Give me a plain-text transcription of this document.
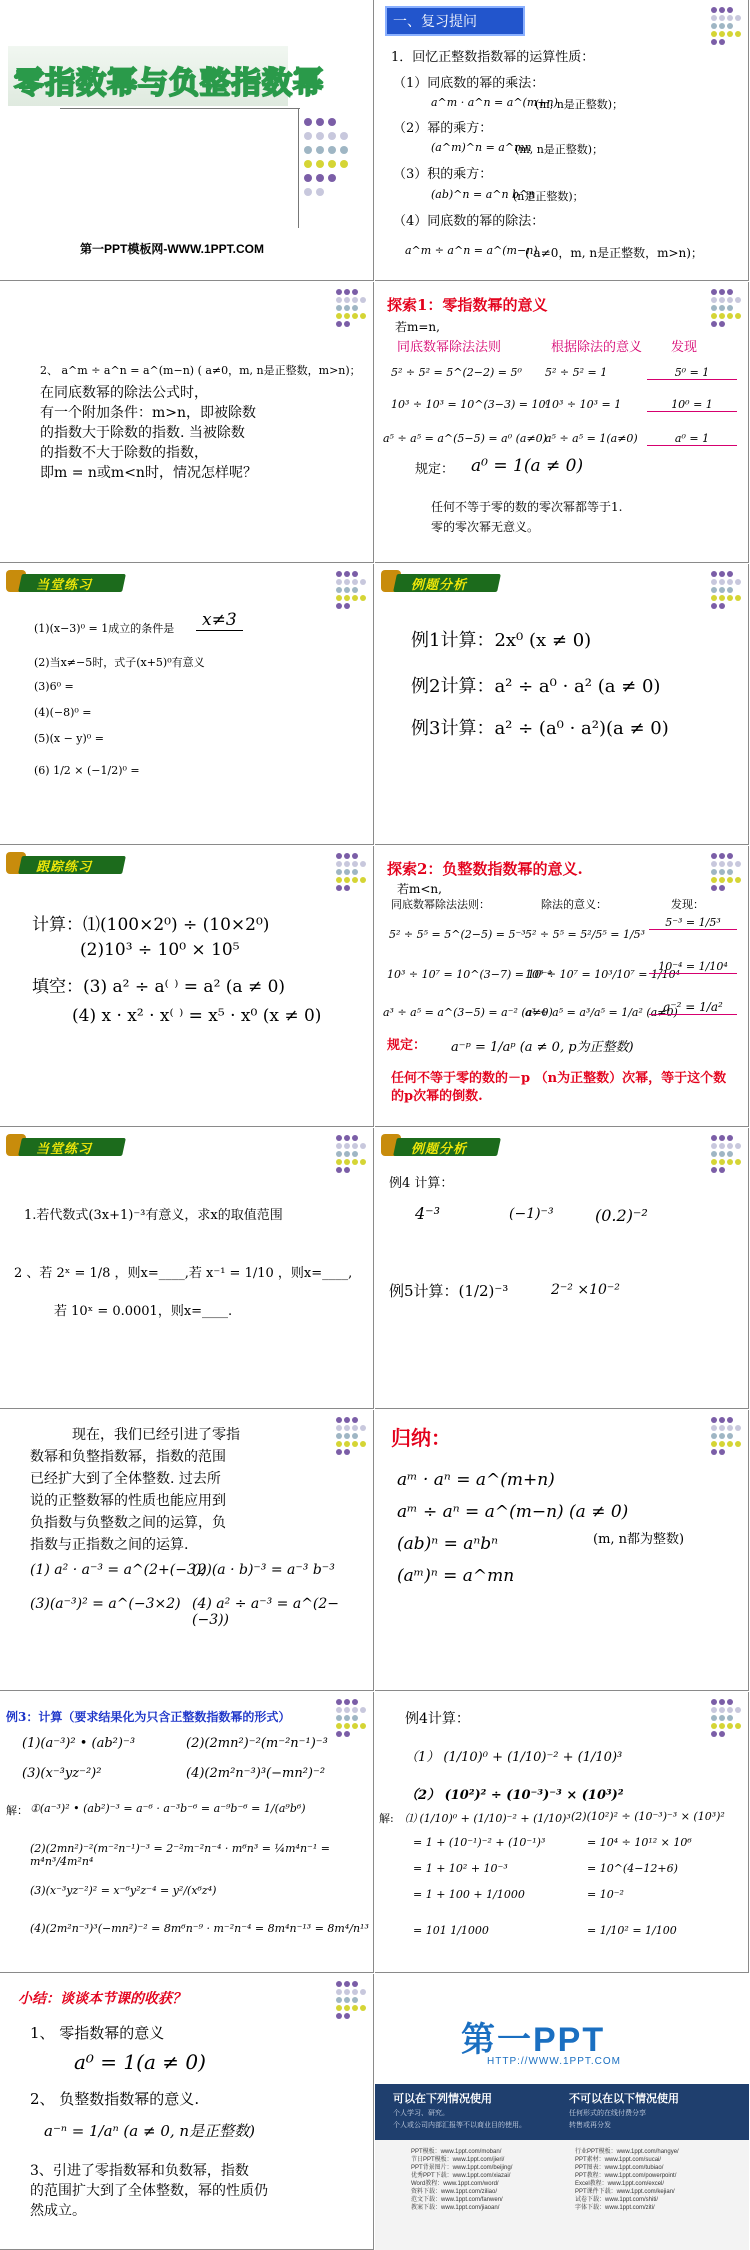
零指数幂与负整指数幂
第一PPT模板网-WWW.1PPT.COM
一、复习提问
1．回忆正整数指数幂的运算性质：
（1）同底数的幂的乘法：
a^m · a^n = a^(m+n)
(m, n是正整数)；
（2）幂的乘方：
(a^m)^n = a^mn
(m, n是正整数)；
（3）积的乘方：
(ab)^n = a^n b^n
(n是正整数)；
（4）同底数的幂的除法：
a^m ÷ a^n = a^(m−n)
( a≠0，m, n是正整数，m>n)；
2、 a^m ÷ a^n = a^(m−n) ( a≠0，m, n是正整数，m>n)；
在同底数幂的除法公式时，
有一个附加条件：m>n，即被除数
的指数大于除数的指数. 当被除数
的指数不大于除数的指数，
即m = n或m<n时，情况怎样呢？
探索1：零指数幂的意义
若m=n,
同底数幂除法法则	根据除法的意义 发现
5² ÷ 5² = 5^(2−2) = 5⁰ 5² ÷ 5² = 1	5⁰ = 1
10³ ÷ 10³ = 10^(3−3) = 10⁰
10³ ÷ 10³ = 1	10⁰ = 1
a⁵ ÷ a⁵ = a^(5−5) = a⁰ (a≠0)
a⁵ ÷ a⁵ = 1(a≠0)	a⁰ = 1
规定： a⁰ = 1(a ≠ 0)
任何不等于零的数的零次幂都等于1.
零的零次幂无意义。
当堂练习
(1)(x−3)⁰ = 1成立的条件是	x≠3
(2)当x≠−5时，式子(x+5)⁰有意义
(3)6⁰ =
(4)(−8)⁰ =
(5)(x − y)⁰ =
(6) 1/2 × (−1/2)⁰ =
例题分析
例1计算：2x⁰ (x ≠ 0)
例2计算：a² ÷ a⁰ · a² (a ≠ 0)
例3计算：a² ÷ (a⁰ · a²)(a ≠ 0)
跟踪练习
计算：⑴(100×2⁰) ÷ (10×2⁰)
(2)10³ ÷ 10⁰ × 10⁵
填空：(3) a² ÷ a⁽ ⁾ = a² (a ≠ 0)
(4) x · x² · x⁽ ⁾ = x⁵ · x⁰ (x ≠ 0)
探索2：负整数指数幂的意义.
若m<n,
同底数幂除法法则：	除法的意义：	发现：
5² ÷ 5⁵ = 5^(2−5) = 5⁻³ 5² ÷ 5⁵ = 5²/5⁵ = 1/5³
5⁻³ = 1/5³
10³ ÷ 10⁷ = 10^(3−7) = 10⁻⁴
10³ ÷ 10⁷ = 10³/10⁷ = 1/10⁴
10⁻⁴ = 1/10⁴
a³ ÷ a⁵ = a^(3−5) = a⁻² (a≠0)
a³ ÷ a⁵ = a³/a⁵ = 1/a² (a≠0)
a⁻² = 1/a²
规定： a⁻ᵖ = 1/aᵖ (a ≠ 0, p为正整数)
任何不等于零的数的－p （n为正整数）次幂，等于这个数的p次幂的倒数.
当堂练习
1.若代数式(3x+1)⁻³有意义，求x的取值范围
2 、若 2ˣ = 1/8 ，则x=____,若 x⁻¹ = 1/10 ，则x=____,
若 10ˣ = 0.0001，则x=____.
例题分析
例4 计算：
4⁻³	(−1)⁻³	(0.2)⁻²
例5计算：(1/2)⁻³	2⁻² ×10⁻²
现在，我们已经引进了零指
数幂和负整指数幂，指数的范围
已经扩大到了全体整数. 过去所
说的正整数幂的性质也能应用到
负指数与负整数之间的运算，负
指数与正指数之间的运算.
(1) a² · a⁻³ = a^(2+(−3))
(2)(a · b)⁻³ = a⁻³ b⁻³
(3)(a⁻³)² = a^(−3×2) (4) a² ÷ a⁻³ = a^(2−(−3))
归纳：
aᵐ · aⁿ = a^(m+n)
aᵐ ÷ aⁿ = a^(m−n) (a ≠ 0)
(ab)ⁿ = aⁿbⁿ
(aᵐ)ⁿ = a^mn
(m, n都为整数)
例3：计算（要求结果化为只含正整数指数幂的形式）
(1)(a⁻³)² • (ab²)⁻³	(2)(2mn²)⁻²(m⁻²n⁻¹)⁻³
(3)(x⁻³yz⁻²)²	(4)(2m²n⁻³)³(−mn²)⁻²
解： ①(a⁻³)² • (ab²)⁻³ = a⁻⁶ · a⁻³b⁻⁶ = a⁻⁹b⁻⁶ = 1/(a⁹b⁶)
(2)(2mn²)⁻²(m⁻²n⁻¹)⁻³ = 2⁻²m⁻²n⁻⁴ · m⁶n³ = ¼m⁴n⁻¹ = m⁴n³/4m²n⁴
(3)(x⁻³yz⁻²)² = x⁻⁶y²z⁻⁴ = y²/(x⁶z⁴)
(4)(2m²n⁻³)³(−mn²)⁻² = 8m⁶n⁻⁹ · m⁻²n⁻⁴ = 8m⁴n⁻¹³ = 8m⁴/n¹³
例4计算：
（1） (1/10)⁰ + (1/10)⁻² + (1/10)³
（2） (10²)² ÷ (10⁻³)⁻³ × (10³)²
解: ⑴ (1/10)⁰ + (1/10)⁻² + (1/10)³
= 1 + (10⁻¹)⁻² + (10⁻¹)³
= 1 + 10² + 10⁻³
= 1 + 100 + 1/1000
= 101 1/1000
(2)(10²)² ÷ (10⁻³)⁻³ × (10³)²
= 10⁴ ÷ 10¹² × 10⁶
= 10^(4−12+6)
= 10⁻²
= 1/10² = 1/100
小结：谈谈本节课的收获？
1、 零指数幂的意义
a⁰ = 1(a ≠ 0)
2、 负整数指数幂的意义.
a⁻ⁿ = 1/aⁿ (a ≠ 0, n是正整数)
3、引进了零指数幂和负数幂，指数
的范围扩大到了全体整数，幂的性质仍
然成立。
第一PPT
HTTP://WWW.1PPT.COM
可以在下列情况使用
个人学习、研究。
个人或公司内部汇报等不以商业目的使用。
不可以在以下情况使用
任何形式的在线付费分享
转售或再分发
PPT模板：www.1ppt.com/moban/
节日PPT模板：www.1ppt.com/jieri/
PPT背景图片：www.1ppt.com/beijing/
优秀PPT下载：www.1ppt.com/xiazai/
Word教程：www.1ppt.com/word/
资料下载：www.1ppt.com/ziliao/
范文下载：www.1ppt.com/fanwen/
教案下载：www.1ppt.com/jiaoan/
行业PPT模板：www.1ppt.com/hangye/
PPT素材：www.1ppt.com/sucai/
PPT图表：www.1ppt.com/tubiao/
PPT教程：www.1ppt.com/powerpoint/
Excel教程：www.1ppt.com/excel/
PPT课件下载：www.1ppt.com/kejian/
试卷下载：www.1ppt.com/shiti/
字体下载：www.1ppt.com/ziti/
